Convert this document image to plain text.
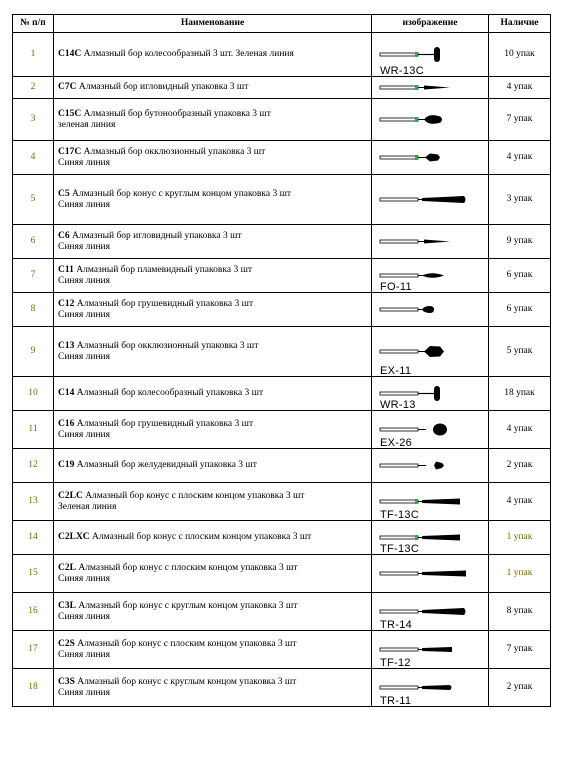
№ п/п	Наименование	изображение	Наличие
1	C14C Алмазный бор колесообразный 3 шт. Зеленая линия	WR-13C	10 упак
2	C7C Алмазный бор игловидный упаковка 3 шт		4 упак
3	C15C Алмазный бор бутонообразный упаковка 3 шт
зеленая линия		7 упак
4	C17C Алмазный бор окклюзионный упаковка 3 шт
Синяя линия		4 упак
5	C5 Алмазный бор конус с круглым концом упаковка 3 шт
Синяя линия		3 упак
6	C6 Алмазный бор игловидный упаковка 3 шт
Синяя линия		9 упак
7	C11 Алмазный бор пламевидный упаковка 3 шт
Синяя линия	FO-11	6 упак
8	C12 Алмазный бор грушевидный упаковка 3 шт
Синяя линия		6 упак
9	C13 Алмазный бор окклюзионный упаковка 3 шт
Синяя линия	EX-11	5 упак
10	C14 Алмазный бор колесообразный упаковка 3 шт	WR-13	18 упак
11	C16 Алмазный бор грушевидный упаковка 3 шт
Синяя линия	EX-26	4 упак
12	C19 Алмазный бор желудевидный упаковка 3 шт		2 упак
13	C2LC Алмазный бор конус с плоским концом упаковка 3 шт
Зеленая линия	TF-13C	4 упак
14	C2LXC Алмазный бор конус с плоским концом упаковка 3 шт	TF-13C	1 упак
15	C2L Алмазный бор конус с плоским концом упаковка 3 шт
Синяя линия		1 упак
16	C3L Алмазный бор конус с круглым концом упаковка 3 шт
Синяя линия	TR-14	8 упак
17	C2S Алмазный бор конус с плоским концом упаковка 3 шт
Синяя линия	TF-12	7 упак
18	C3S Алмазный бор конус с круглым концом упаковка 3 шт
Синяя линия	TR-11	2 упак
